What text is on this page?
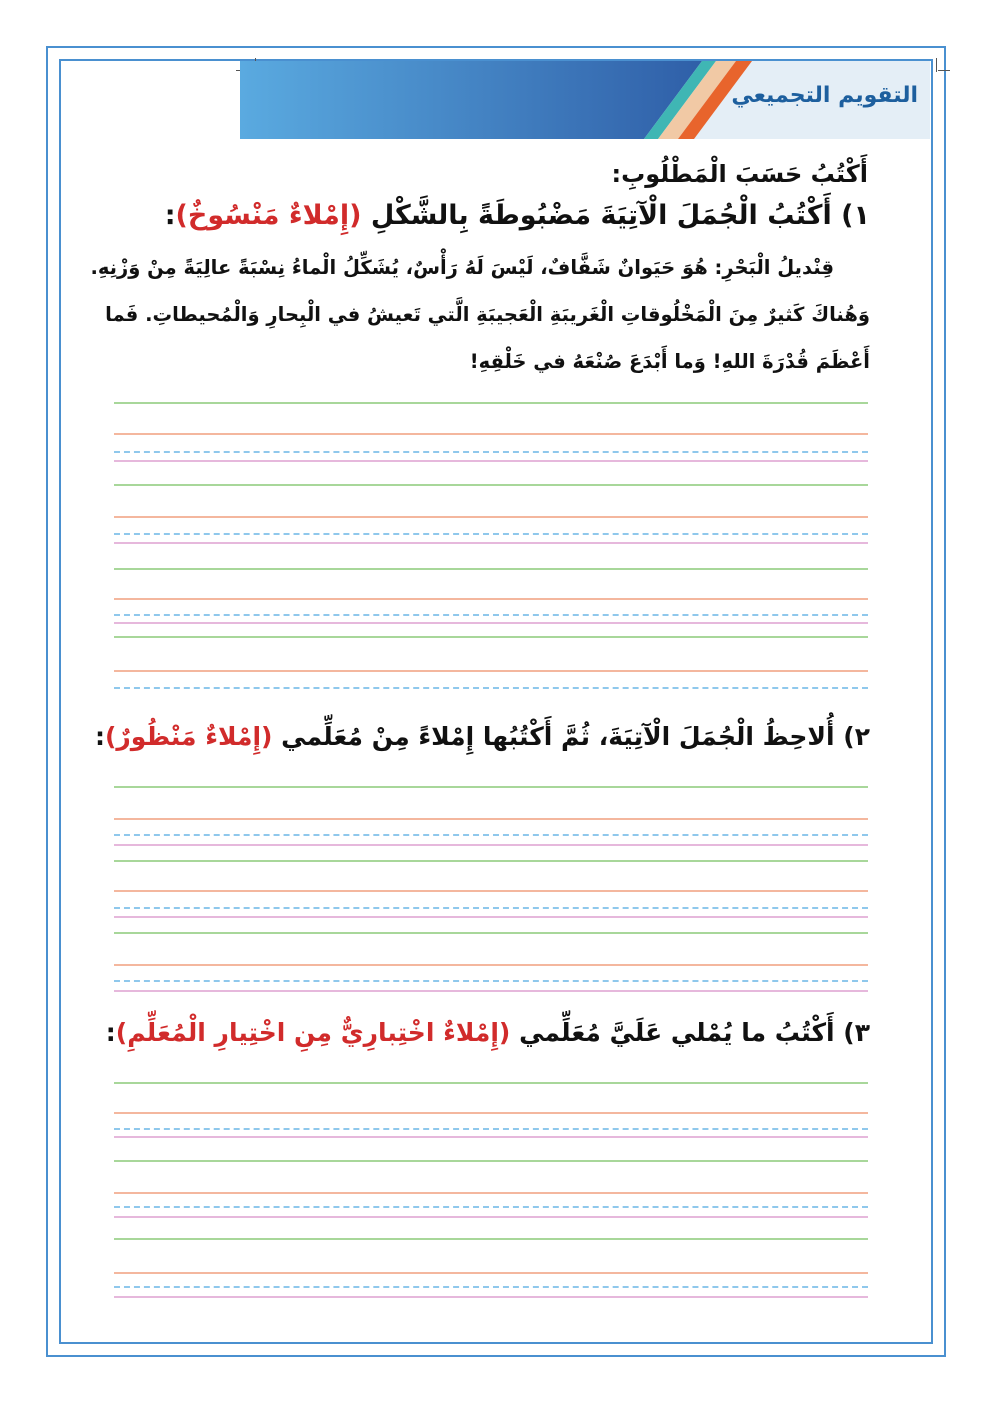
التقويم التجميعي
أَكْتُبُ حَسَبَ الْمَطْلُوبِ:
١) أَكْتُبُ الْجُمَلَ الْآتِيَةَ مَضْبُوطَةً بِالشَّكْلِ (إِمْلاءٌ مَنْسُوخٌ):
قِنْديلُ الْبَحْرِ: هُوَ حَيَوانٌ شَفَّافٌ، لَيْسَ لَهُ رَأْسٌ، يُشَكِّلُ الْماءُ نِسْبَةً عالِيَةً مِنْ وَزْنِهِ.
وَهُناكَ كَثيرٌ مِنَ الْمَخْلُوقاتِ الْغَريبَةِ الْعَجيبَةِ الَّتي تَعيشُ في الْبِحارِ وَالْمُحيطاتِ. فَما
أَعْظَمَ قُدْرَةَ اللهِ! وَما أَبْدَعَ صُنْعَهُ في خَلْقِهِ!
٢) أُلاحِظُ الْجُمَلَ الْآتِيَةَ، ثُمَّ أَكْتُبُها إِمْلاءً مِنْ مُعَلِّمي (إِمْلاءٌ مَنْظُورٌ):
٣) أَكْتُبُ ما يُمْلي عَلَيَّ مُعَلِّمي (إِمْلاءٌ اخْتِبارِيٌّ مِنِ اخْتِيارِ الْمُعَلِّمِ):
